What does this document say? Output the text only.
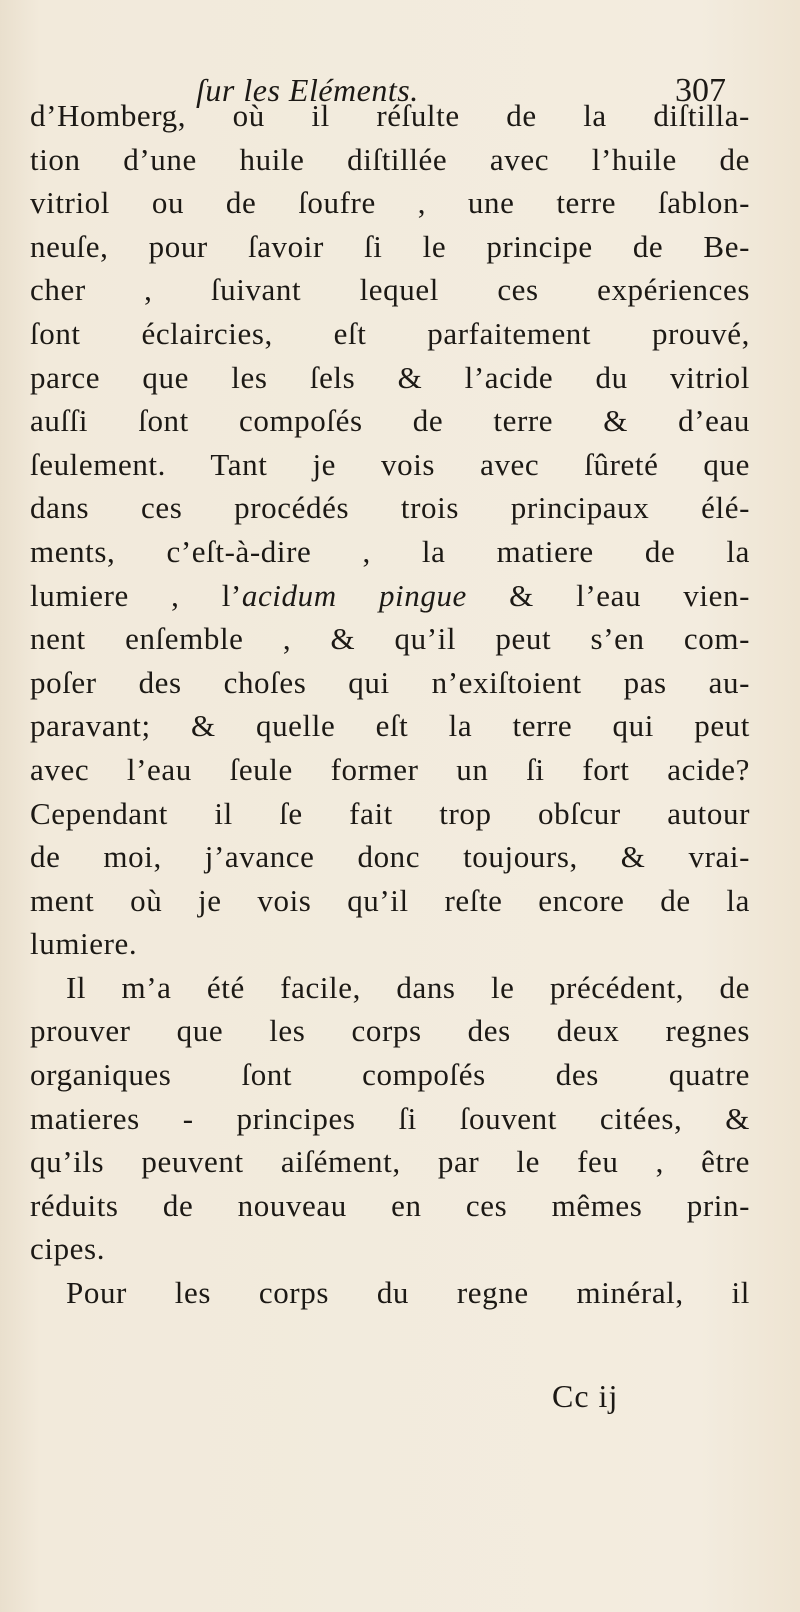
ſur les Eléments.	307
d’Homberg, où il réſulte de la diſtilla-
tion d’une huile diſtillée avec l’huile de
vitriol ou de ſoufre , une terre ſablon-
neuſe, pour ſavoir ſi le principe de Be-
cher , ſuivant lequel ces expériences
ſont éclaircies, eſt parfaitement prouvé,
parce que les ſels & l’acide du vitriol
auſſi ſont compoſés de terre & d’eau
ſeulement. Tant je vois avec ſûreté que
dans ces procédés trois principaux élé-
ments, c’eſt-à-dire , la matiere de la
lumiere , l’acidum pingue & l’eau vien-
nent enſemble , & qu’il peut s’en com-
poſer des choſes qui n’exiſtoient pas au-
paravant; & quelle eſt la terre qui peut
avec l’eau ſeule former un ſi fort acide?
Cependant il ſe fait trop obſcur autour
de moi, j’avance donc toujours, & vrai-
ment où je vois qu’il reſte encore de la
lumiere.
Il m’a été facile, dans le précédent, de
prouver que les corps des deux regnes
organiques ſont compoſés des quatre
matieres - principes ſi ſouvent citées, &
qu’ils peuvent aiſément, par le feu , être
réduits de nouveau en ces mêmes prin-
cipes.
Pour les corps du regne minéral, il
Cc ij
